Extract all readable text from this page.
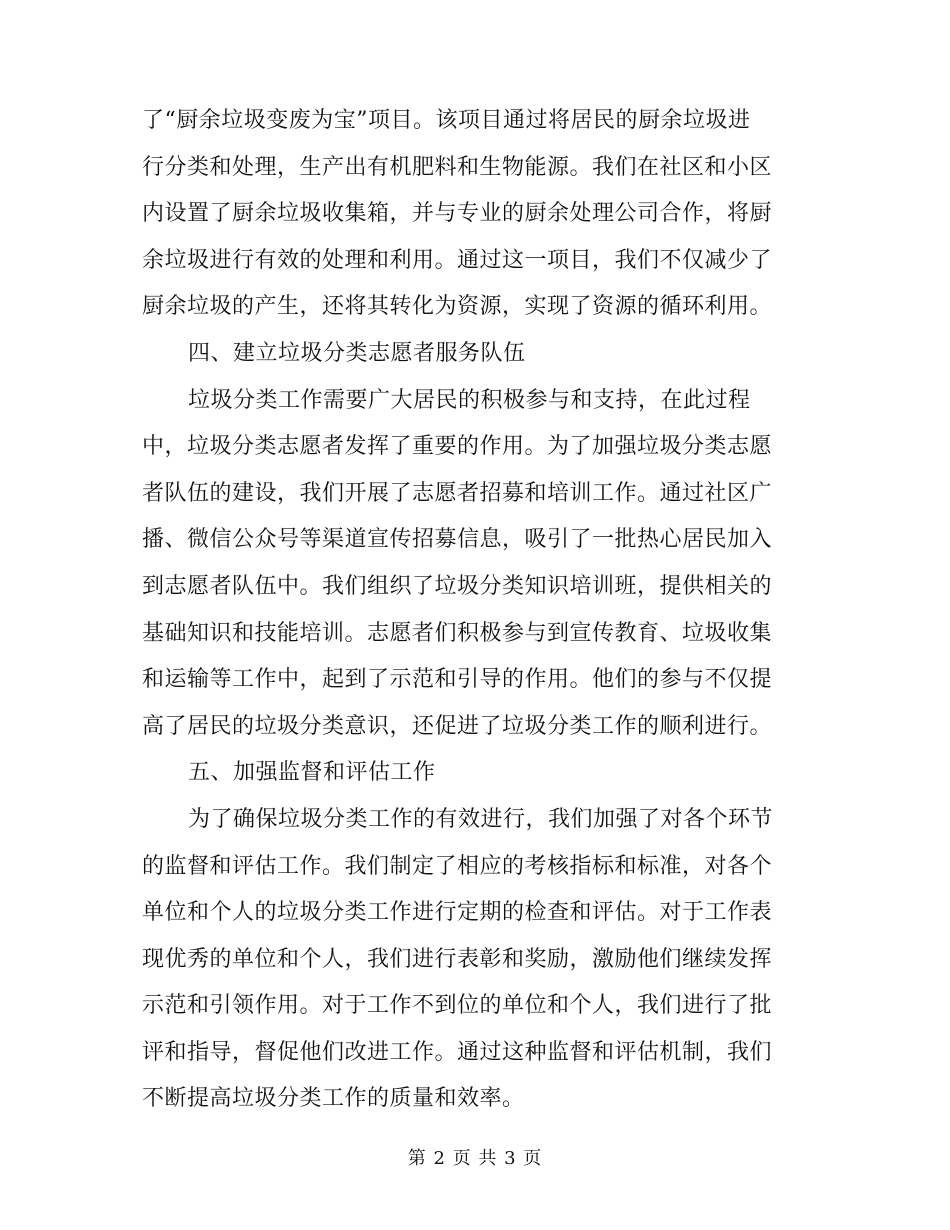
了“厨余垃圾变废为宝”项目。该项目通过将居民的厨余垃圾进
行分类和处理，生产出有机肥料和生物能源。我们在社区和小区
内设置了厨余垃圾收集箱，并与专业的厨余处理公司合作，将厨
余垃圾进行有效的处理和利用。通过这一项目，我们不仅减少了
厨余垃圾的产生，还将其转化为资源，实现了资源的循环利用。
四、建立垃圾分类志愿者服务队伍
垃圾分类工作需要广大居民的积极参与和支持，在此过程
中，垃圾分类志愿者发挥了重要的作用。为了加强垃圾分类志愿
者队伍的建设，我们开展了志愿者招募和培训工作。通过社区广
播、微信公众号等渠道宣传招募信息，吸引了一批热心居民加入
到志愿者队伍中。我们组织了垃圾分类知识培训班，提供相关的
基础知识和技能培训。志愿者们积极参与到宣传教育、垃圾收集
和运输等工作中，起到了示范和引导的作用。他们的参与不仅提
高了居民的垃圾分类意识，还促进了垃圾分类工作的顺利进行。
五、加强监督和评估工作
为了确保垃圾分类工作的有效进行，我们加强了对各个环节
的监督和评估工作。我们制定了相应的考核指标和标准，对各个
单位和个人的垃圾分类工作进行定期的检查和评估。对于工作表
现优秀的单位和个人，我们进行表彰和奖励，激励他们继续发挥
示范和引领作用。对于工作不到位的单位和个人，我们进行了批
评和指导，督促他们改进工作。通过这种监督和评估机制，我们
不断提高垃圾分类工作的质量和效率。
第 2 页 共 3 页
